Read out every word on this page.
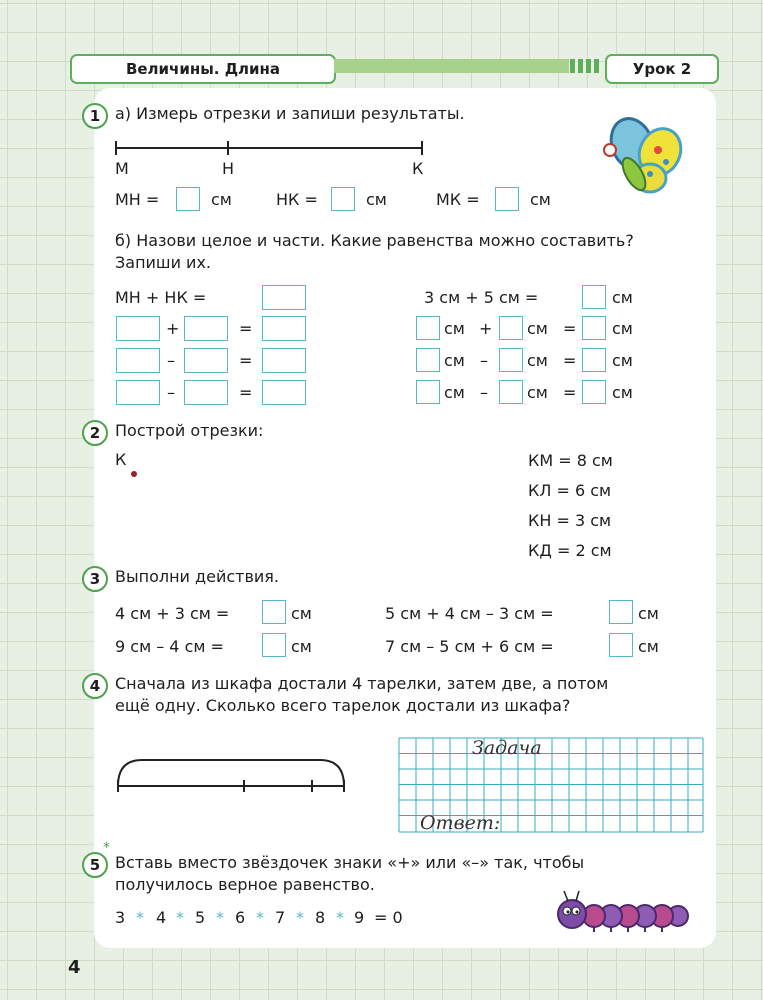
Величины. Длина	Урок 2
1 а) Измерь отрезки и запиши результаты.
М	Н	К
МН =	см	НК =	см	МК =	см
б) Назови целое и части. Какие равенства можно составить?
Запиши их.
МН + НК =
+	=
–	=
–	=
3 см + 5 см =	см
см + см = см
см – см = см
см – см = см
2 Построй отрезки:
К	КМ = 8 см
КЛ = 6 см
КН = 3 см
КД = 2 см
3 Выполни действия.
4 см + 3 см =	см
9 см – 4 см =	см
5 см + 4 см – 3 см =	см
7 см – 5 см + 6 см =	см
4 Сначала из шкафа достали 4 тарелки, затем две, а потом
ещё одну. Сколько всего тарелок достали из шкафа?
Задача
Ответ:
*
5 Вставь вместо звёздочек знаки «+» или «–» так, чтобы
получилось верное равенство.
3 * 4 * 5 * 6 * 7 * 8 * 9 = 0
4
